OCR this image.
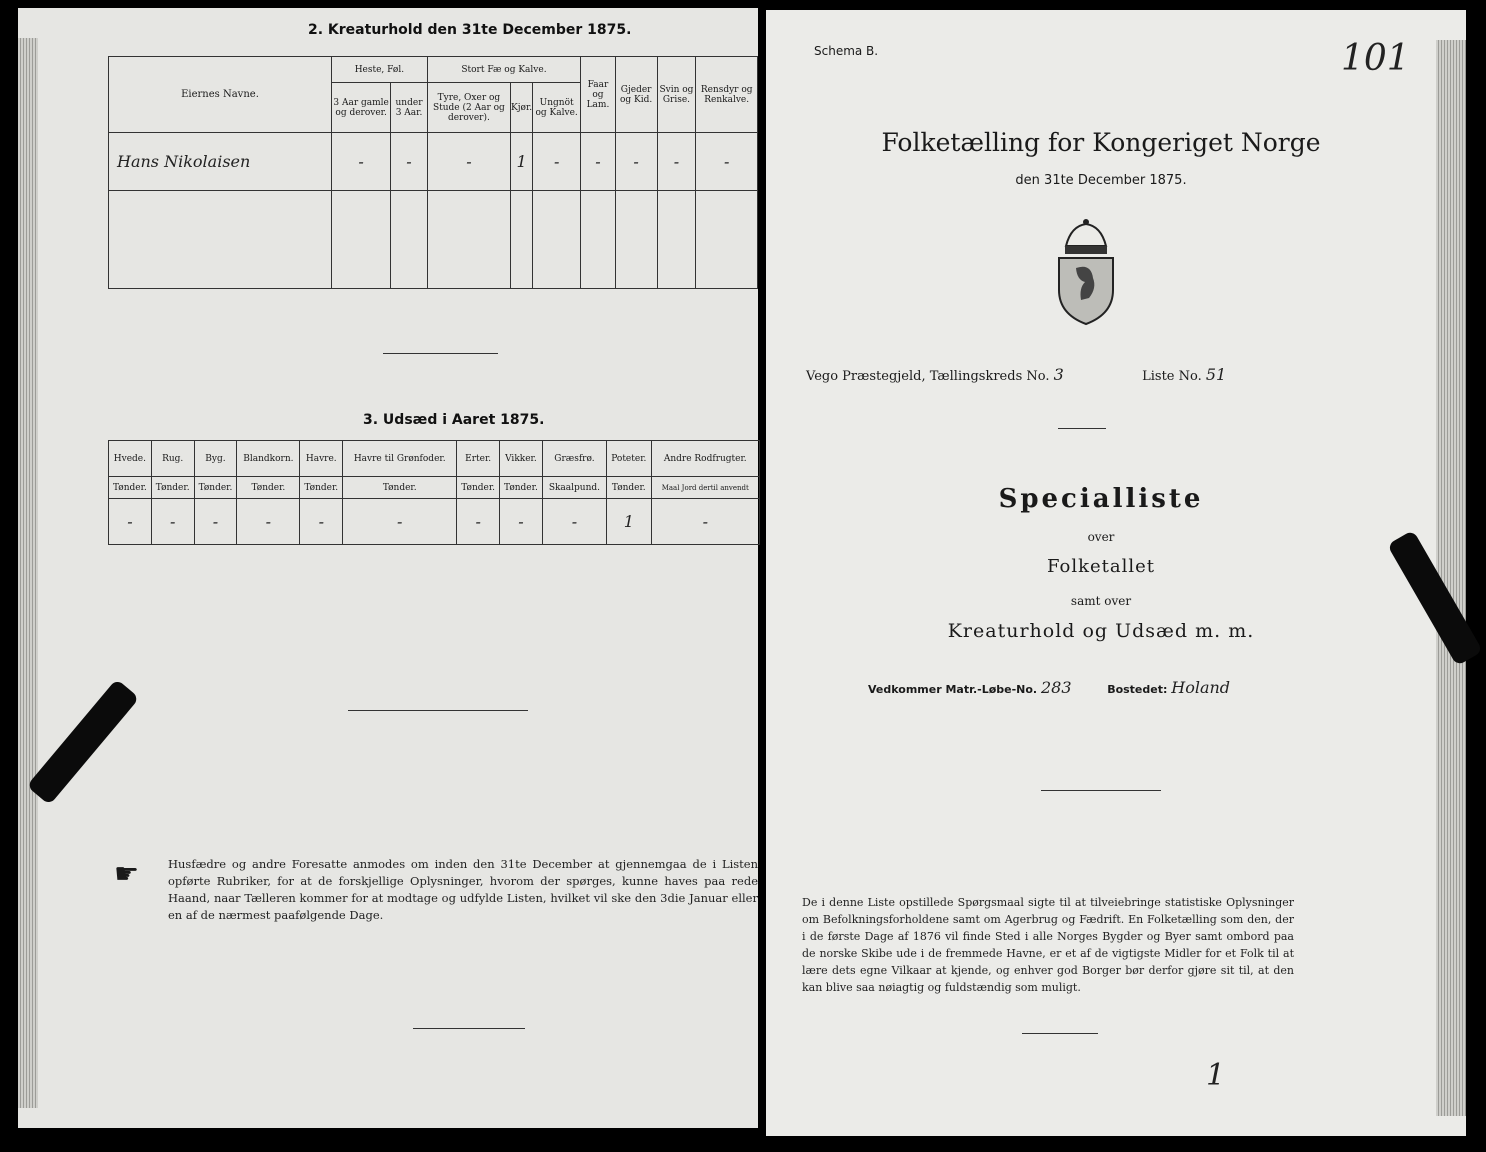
2. Kreaturhold den 31te December 1875.
Eiernes Navne.	Heste, Føl.		Stort Fæ og Kalve.			Faar og Lam.	Gjeder og Kid.	Svin og Grise.	Rensdyr og Renkalve.
	3 Aar gamle og derover.	under 3 Aar.	Tyre, Oxer og Stude (2 Aar og derover).	Kjør.	Ungnöt og Kalve.				
Hans Nikolaisen	-	-	-	1	-	-	-	-	-

3. Udsæd i Aaret 1875.
Hvede.	Rug.	Byg.	Blandkorn.	Havre.	Havre til Grønfoder.	Erter.	Vikker.	Græsfrø.	Poteter.	Andre Rodfrugter.
Tønder.	Tønder.	Tønder.	Tønder.	Tønder.	Tønder.	Tønder.	Tønder.	Skaalpund.	Tønder.	Maal Jord dertil anvendt
-	-	-	-	-	-	-	-	-	1	-
☛	Husfædre og andre Foresatte anmodes om inden den 31te December at gjennemgaa de i Listen opførte Rubriker, for at de forskjellige Oplysninger, hvorom der spørges, kunne haves paa rede Haand, naar Tælleren kommer for at modtage og udfylde Listen, hvilket vil ske den 3die Januar eller en af de nærmest paafølgende Dage.
Schema B.	101
Folketælling for Kongeriget Norge
den 31te December 1875.
Vego Præstegjeld, Tællingskreds No. 3	Liste No. 51
Specialliste
over
Folketallet
samt over
Kreaturhold og Udsæd m. m.
Vedkommer Matr.-Løbe-No. 283	Bostedet: Holand
De i denne Liste opstillede Spørgsmaal sigte til at tilveiebringe statistiske Oplysninger om Befolkningsforholdene samt om Agerbrug og Fædrift. En Folketælling som den, der i de første Dage af 1876 vil finde Sted i alle Norges Bygder og Byer samt ombord paa de norske Skibe ude i de fremmede Havne, er et af de vigtigste Midler for et Folk til at lære dets egne Vilkaar at kjende, og enhver god Borger bør derfor gjøre sit til, at den kan blive saa nøiagtig og fuldstændig som muligt.
1
